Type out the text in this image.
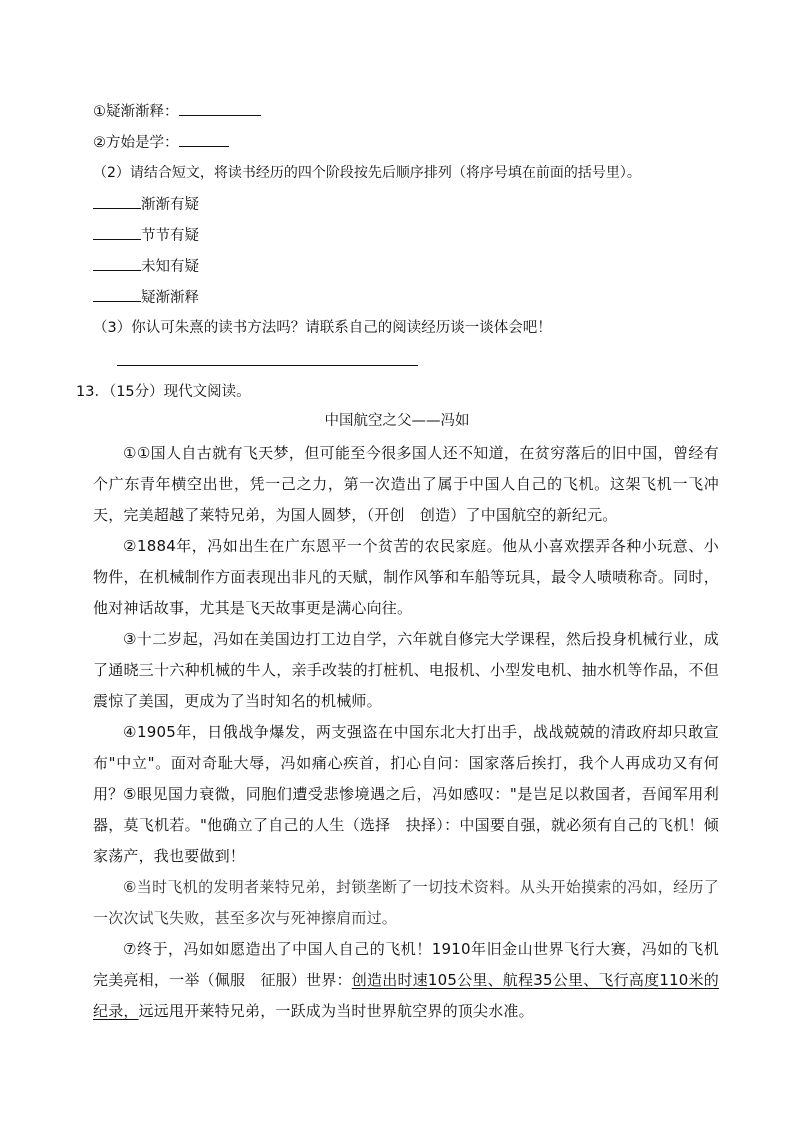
①疑渐渐释：
②方始是学：
（2）请结合短文，将读书经历的四个阶段按先后顺序排列（将序号填在前面的括号里）。
渐渐有疑
节节有疑
未知有疑
疑渐渐释
（3）你认可朱熹的读书方法吗？请联系自己的阅读经历谈一谈体会吧！
13．（15分）现代文阅读。
中国航空之父——冯如
①①国人自古就有飞天梦，但可能至今很多国人还不知道，在贫穷落后的旧中国，曾经有个广东青年横空出世，凭一己之力，第一次造出了属于中国人自己的飞机。这架飞机一飞冲天，完美超越了莱特兄弟，为国人圆梦，（开创　创造）了中国航空的新纪元。
②1884年，冯如出生在广东恩平一个贫苦的农民家庭。他从小喜欢摆弄各种小玩意、小物件，在机械制作方面表现出非凡的天赋，制作风筝和车船等玩具，最令人啧啧称奇。同时，他对神话故事，尤其是飞天故事更是满心向往。
③十二岁起，冯如在美国边打工边自学，六年就自修完大学课程，然后投身机械行业，成了通晓三十六种机械的牛人，亲手改装的打桩机、电报机、小型发电机、抽水机等作品，不但震惊了美国，更成为了当时知名的机械师。
④1905年，日俄战争爆发，两支强盗在中国东北大打出手，战战兢兢的清政府却只敢宣布"中立"。面对奇耻大辱，冯如痛心疾首，扪心自问：国家落后挨打，我个人再成功又有何用？ ⑤眼见国力衰微，同胞们遭受悲惨境遇之后，冯如感叹："是岂足以救国者，吾闻军用利器，莫飞机若。"他确立了自己的人生（选择　抉择）：中国要自强，就必须有自己的飞机！倾家荡产，我也要做到！
⑥当时飞机的发明者莱特兄弟，封锁垄断了一切技术资料。从头开始摸索的冯如，经历了一次次试飞失败，甚至多次与死神擦肩而过。
⑦终于，冯如如愿造出了中国人自己的飞机！1910年旧金山世界飞行大赛，冯如的飞机完美亮相，一举（佩服　征服）世界：创造出时速105公里、航程35公里、飞行高度110米的纪录，远远甩开莱特兄弟，一跃成为当时世界航空界的顶尖水准。
